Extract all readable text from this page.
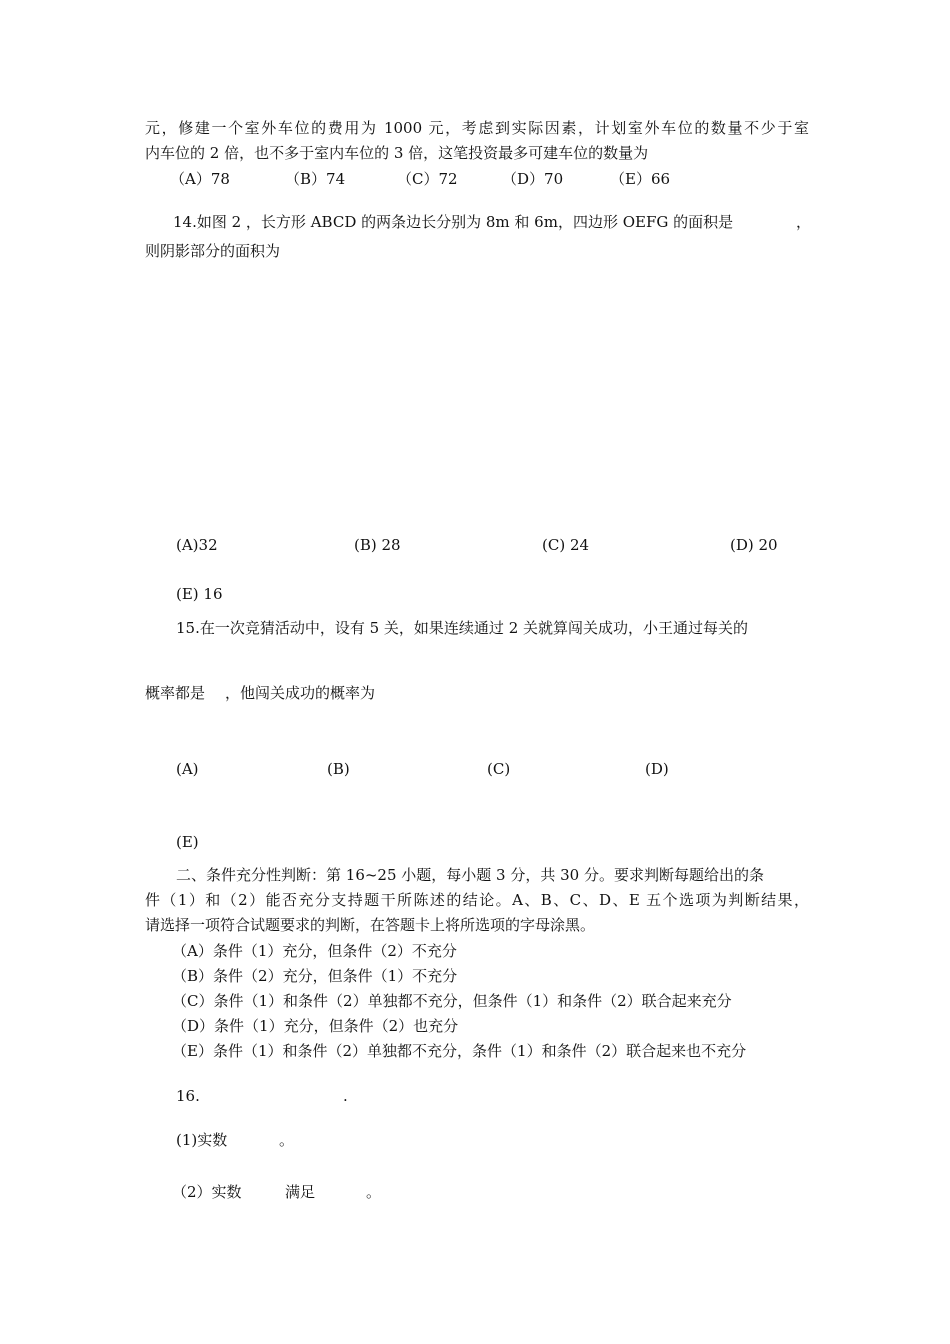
元，修建一个室外车位的费用为 1000 元，考虑到实际因素，计划室外车位的数量不少于室
内车位的 2 倍，也不多于室内车位的 3 倍，这笔投资最多可建车位的数量为
（A）78	（B）74	（C）72	（D）70	（E）66
14.如图 2 ，长方形 ABCD 的两条边长分别为 8m 和 6m，四边形 OEFG 的面积是	，
则阴影部分的面积为
(A)32	(B) 28	(C) 24	(D) 20
(E) 16
15.在一次竞猜活动中，设有 5 关，如果连续通过 2 关就算闯关成功，小王通过每关的
概率都是 ，他闯关成功的概率为
(A)	(B)	(C)	(D)
(E)
二、条件充分性判断：第 16~25 小题，每小题 3 分，共 30 分。要求判断每题给出的条
件（1）和（2）能否充分支持题干所陈述的结论。A、B、C、D、E 五个选项为判断结果，
请选择一项符合试题要求的判断，在答题卡上将所选项的字母涂黑。
（A）条件（1）充分，但条件（2）不充分
（B）条件（2）充分，但条件（1）不充分
（C）条件（1）和条件（2）单独都不充分，但条件（1）和条件（2）联合起来充分
（D）条件（1）充分，但条件（2）也充分
（E）条件（1）和条件（2）单独都不充分，条件（1）和条件（2）联合起来也不充分
16.	.
(1)实数	。
（2）实数	满足	。
